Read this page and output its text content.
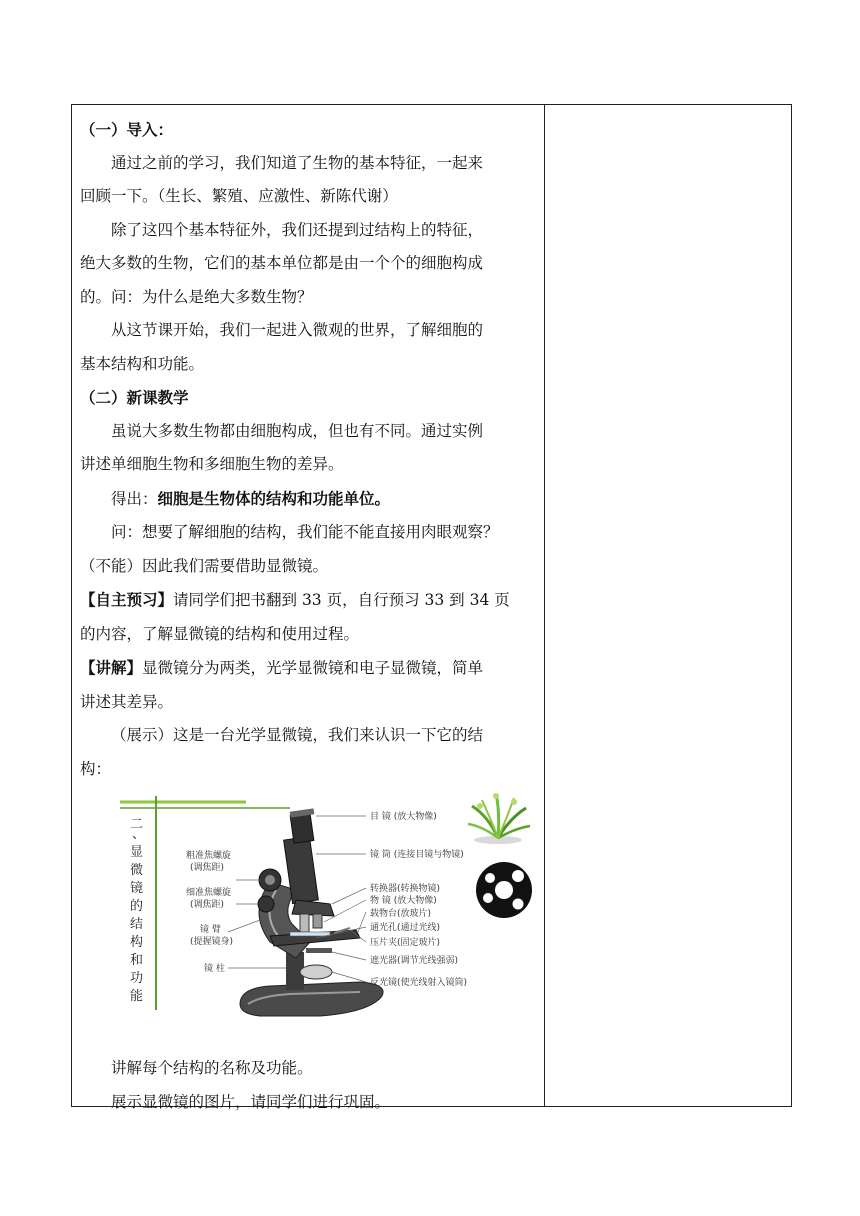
（一）导入：
通过之前的学习，我们知道了生物的基本特征，一起来
回顾一下。（生长、繁殖、应激性、新陈代谢）
除了这四个基本特征外，我们还提到过结构上的特征，
绝大多数的生物，它们的基本单位都是由一个个的细胞构成
的。问：为什么是绝大多数生物？
从这节课开始，我们一起进入微观的世界，了解细胞的
基本结构和功能。
（二）新课教学
虽说大多数生物都由细胞构成，但也有不同。通过实例
讲述单细胞生物和多细胞生物的差异。
得出：细胞是生物体的结构和功能单位。
问：想要了解细胞的结构，我们能不能直接用肉眼观察？
（不能）因此我们需要借助显微镜。
【自主预习】请同学们把书翻到 33 页，自行预习 33 到 34 页
的内容，了解显微镜的结构和使用过程。
【讲解】显微镜分为两类，光学显微镜和电子显微镜，简单
讲述其差异。
（展示）这是一台光学显微镜，我们来认识一下它的结
构：
二
、
显
微
镜
的
结
构
和
功
能
粗准焦螺旋
(调焦距)
细准焦螺旋
(调焦距)
镜 臂
(提握镜身)
镜 柱
目 镜 (放大物像)
镜 筒 (连接目镜与物镜)
转换器(转换物镜)
物 镜 (放大物像)
载物台(放玻片)
通光孔(通过光线)
压片夹(固定玻片)
遮光器(调节光线强弱)
反光镜(使光线射入镜筒)
讲解每个结构的名称及功能。
展示显微镜的图片，请同学们进行巩固。
